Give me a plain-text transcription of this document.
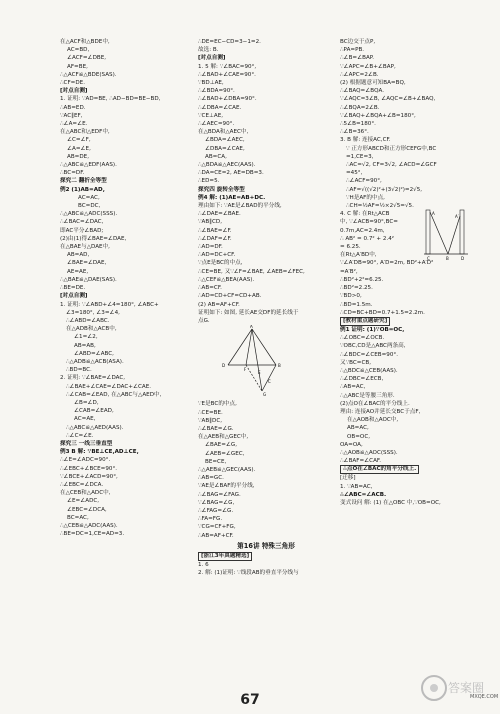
在△ACF和△BDE中,
AC=BD,
∠ACF=∠DBE,
AF=BE,
∴△ACF≌△BDE(SAS).
∴CF=DE.
[对点自测]
1. 证明: ∵AD=BE, ∴AD−BD=BE−BD,
∴AB=ED.
∵AC∥EF,
∴∠A=∠E.
在△ABC和△EDF中,
∠C=∠F,
∠A=∠E,
AB=DE,
∴△ABC≌△EDF(AAS).
∴BC=DF.
探究二 翻折全等型
例2 (1)AB=AD,
AC=AC,
BC=DC,
∴△ABC≌△ADC(SSS).
∴∠BAC=∠DAC,
即AC平分∠BAD;
(2)由(1)得∠BAE=∠DAE,
在△BAE与△DAE中,
AB=AD,
∠BAE=∠DAE,
AE=AE,
∴△BAE≌△DAE(SAS).
∴BE=DE.
[对点自测]
1. 证明: ∵∠ABD+∠4=180°, ∠ABC+
∠3=180°, ∠3=∠4,
∴∠ABD=∠ABC.
在△ADB和△ACB中,
∠1=∠2,
AB=AB,
∠ABD=∠ABC,
∴△ADB≌△ACB(ASA).
∴BD=BC.
2. 证明: ∵∠BAE=∠DAC,
∴∠BAE+∠CAE=∠DAC+∠CAE.
∴∠CAB=∠EAD, 在△ABC与△AED中,
∠B=∠D,
∠CAB=∠EAD,
AC=AE,
∴△ABC≌△AED(AAS).
∴∠C=∠E.
探究三 一线三垂直型
例3 B 解: ∵BE⊥CE,AD⊥CE,
∴∠E=∠ADC=90°.
∴∠EBC+∠BCE=90°.
∵∠BCE+∠ACD=90°,
∴∠EBC=∠DCA.
在△CEB和△ADC中,
∠E=∠ADC,
∠EBC=∠DCA,
BC=AC,
∴△CEB≌△ADC(AAS).
∴BE=DC=1,CE=AD=3.
∴DE=EC−CD=3−1=2.
故选: B.
[对点自测]
1. 5 解: ∵∠BAC=90°,
∴∠BAD+∠CAE=90°.
∵BD⊥AE,
∴∠BDA=90°.
∴∠BAD+∠DBA=90°.
∴∠DBA=∠CAE.
∵CE⊥AE,
∴∠AEC=90°.
在△BDA和△AEC中,
∠BDA=∠AEC,
∠DBA=∠CAE,
AB=CA,
∴△BDA≌△AEC(AAS).
∴DA=CE=2, AE=DB=3.
∴ED=5.
探究四 旋转全等型
例4 解: (1)AE=AB+DC.
理由如下: ∵AE是∠BAD的平分线,
∴∠DAE=∠BAE.
∵AB∥CD,
∴∠BAE=∠F.
∴∠DAF=∠F.
∴AD=DF.
∴AD=DC+CF.
∵点E是BC的中点,
∴CE=BE, 又∵∠F=∠BAE, ∠AEB=∠FEC,
∴△CEF≌△BEA(AAS).
∴AB=CF.
∴AD=CD+CF=CD+AB.
(2) AB=AF+CF.
证明如下: 如图, 延长AE交DF的延长线于
点G.
A
D	B
F
E
C
G
∵E是BC的中点,
∴CE=BE.
∵AB∥DC,
∴∠BAE=∠G.
在△AEB和△GEC中,
∠BAE=∠G,
∠AEB=∠GEC,
BE=CE,
∴△AEB≌△GEC(AAS).
∴AB=GC.
∵AE是∠BAF的平分线,
∴∠BAG=∠FAG.
∵∠BAG=∠G,
∴∠FAG=∠G.
∴FA=FG.
∵CG=CF+FG,
∴AB=AF+CF.
第16讲 特殊三角形
[浙江3年真题精选]
1. 6
2. 解: (1)证明: ∵线段AB的垂直平分线与
BC边交于点P,
∴PA=PB.
∴∠B=∠BAP.
∵∠APC=∠B+∠BAP,
∴∠APC=2∠B.
(2) 根据题意可知BA=BQ,
∴∠BAQ=∠BQA.
∵∠AQC=3∠B, ∠AQC=∠B+∠BAQ,
∴∠BQA=2∠B.
∵∠BAQ+∠BQA+∠B=180°,
∴5∠B=180°.
∴∠B=36°.
3. B 解: 连接AC,CF.
∵ 正方形ABCD和正方形CEFG中,BC
=1,CE=3,
∴AC=√2, CF=3√2, ∠ACD=∠GCF
=45°,
∴∠ACF=90°,
∴AF=√((√2)²+(3√2)²)=2√5,
∵H是AF的中点,
∴CH=½AF=½×2√5=√5.
4. C 解: 在Rt△ACB
中, ∵∠ACB=90°,BC=
0.7m,AC=2.4m,
∴ AB² = 0.7² + 2.4²
= 6.25.
在Rt△A′BD中,
A
A′
C	B	D
∵∠A′DB=90°, A′D=2m, BD²+A′D²
=A′B²,
∴BD²+2²=6.25.
∴BD²=2.25.
∵BD>0,
∴BD=1.5m.
∴CD=BC+BD=0.7+1.5=2.2m.
[教材重点题研究]
例1 证明: (1)∵OB=OC,
∴∠OBC=∠OCB.
∵OBC,CD是△ABC两条高,
∴∠BDC=∠CEB=90°.
又∵BC=CB,
∴△BDC≌△CEB(AAS).
∴∠DBC=∠ECB,
∴AB=AC,
∴△ABC是等腰三角形.
(2)点O在∠BAC的平分线上.
理由: 连接AO并延长交BC于点F,
在△AOB和△AOC中,
AB=AC,
OB=OC,
OA=OA,
∴△AOB≌△AOC(SSS).
∴∠BAF=∠CAF.
∴点O在∠BAC的角平分线上.
[迁移]
1. ∵AB=AC,
∴∠ABC=∠ACB.
变式设问 解: (1) 在△OBC 中,∵OB=OC,
67
答案圈
MXQE.COM
